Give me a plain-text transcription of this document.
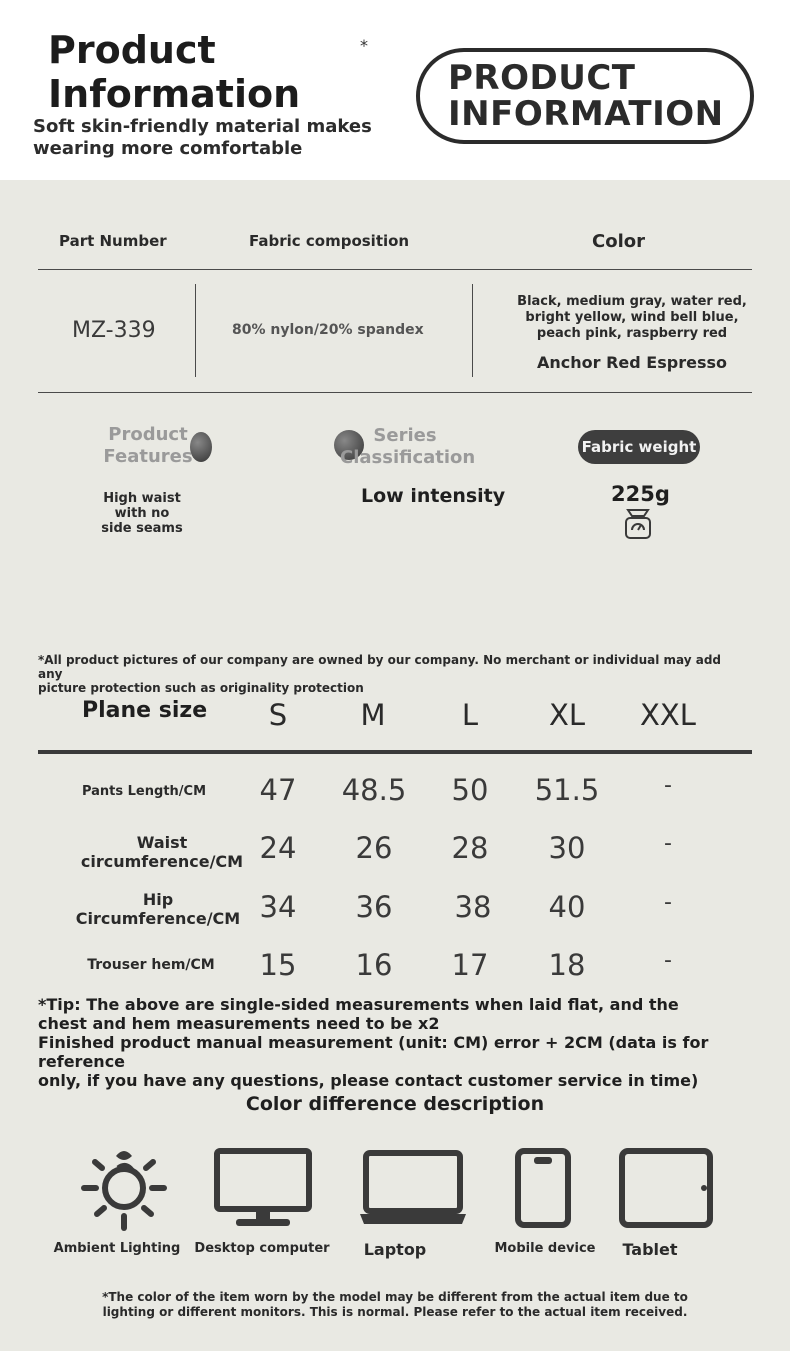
Product
Information
*
Soft skin-friendly material makes
wearing more comfortable
PRODUCT
INFORMATION
Part Number	Fabric composition	Color
MZ-339	80% nylon/20% spandex
Black, medium gray, water red,
bright yellow, wind bell blue,
peach pink, raspberry red
Anchor Red Espresso
Product
Features
High waist
with no
side seams
Series
Classification
Low intensity
Fabric weight
225g
*All product pictures of our company are owned by our company. No merchant or individual may add any
picture protection such as originality protection
Plane size	S	M	L	XL	XXL
Pants Length/CM	47	48.5	50	51.5	-
Waist
circumference/CM 24	26	28	30	-
Hip
Circumference/CM 34	36	38	40	-
Trouser hem/CM	15	16	17	18	-
*Tip: The above are single-sided measurements when laid flat, and the
chest and hem measurements need to be x2
Finished product manual measurement (unit: CM) error + 2CM (data is for reference
only, if you have any questions, please contact customer service in time)
Color difference description
Ambient Lighting	Desktop computer	Laptop	Mobile device	Tablet
*The color of the item worn by the model may be different from the actual item due to
lighting or different monitors. This is normal. Please refer to the actual item received.
